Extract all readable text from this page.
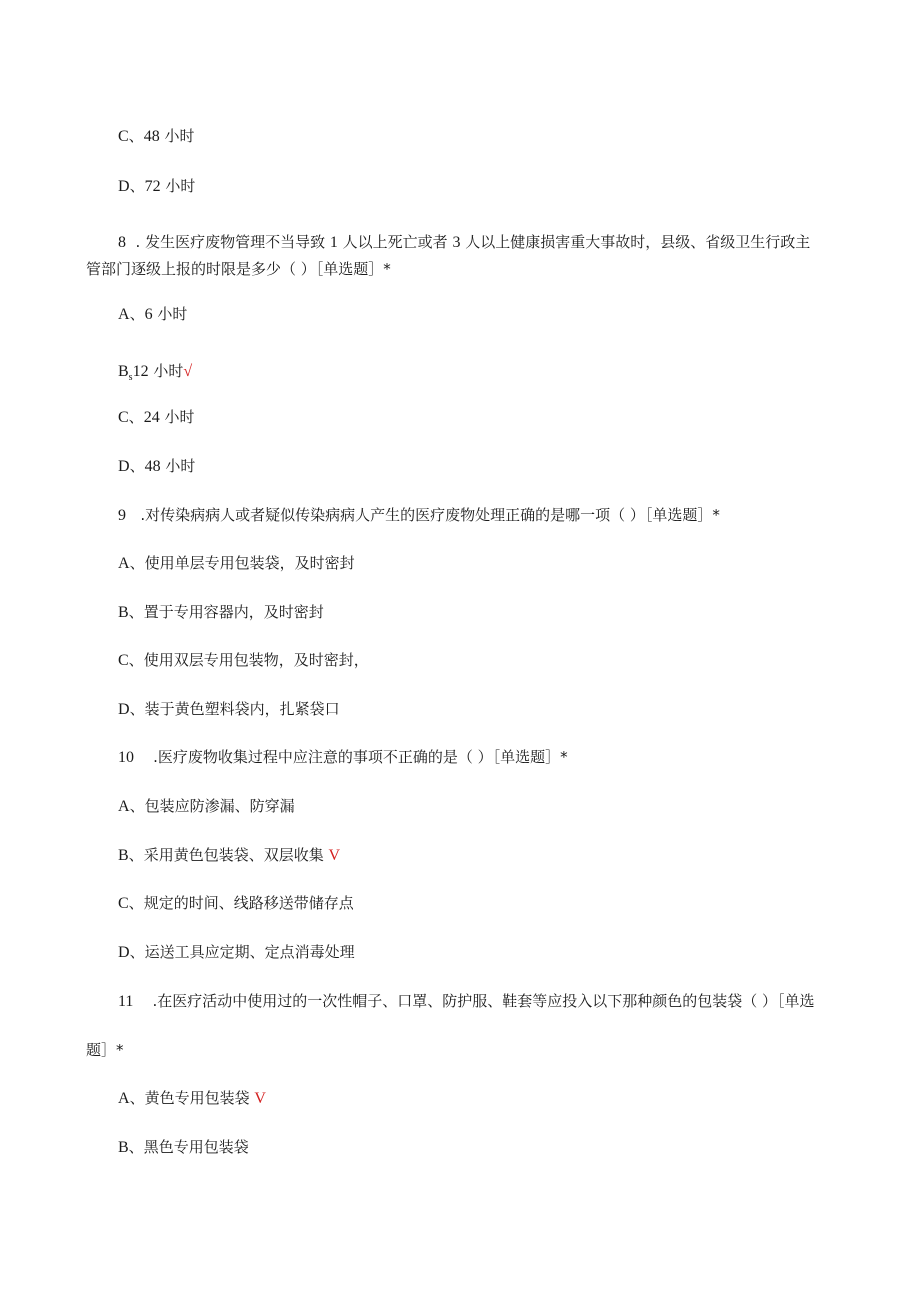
C、48 小时
D、72 小时
8 . 发生医疗废物管理不当导致 1 人以上死亡或者 3 人以上健康损害重大事故时，县级、省级卫生行政主
管部门逐级上报的时限是多少（ ）［单选题］*
A、6 小时
$B_s12$ 小时√
C、24 小时
D、48 小时
9 .对传染病病人或者疑似传染病病人产生的医疗废物处理正确的是哪一项（ ）［单选题］*
A、使用单层专用包装袋，及时密封
B、置于专用容器内，及时密封
C、使用双层专用包装物，及时密封，
D、装于黄色塑料袋内，扎紧袋口
10 .医疗废物收集过程中应注意的事项不正确的是（ ）［单选题］*
A、包装应防渗漏、防穿漏
B、采用黄色包装袋、双层收集 V
C、规定的时间、线路移送带储存点
D、运送工具应定期、定点消毒处理
11 .在医疗活动中使用过的一次性帽子、口罩、防护服、鞋套等应投入以下那种颜色的包装袋（ ）［单选
题］*
A、黄色专用包装袋 V
B、黑色专用包装袋
